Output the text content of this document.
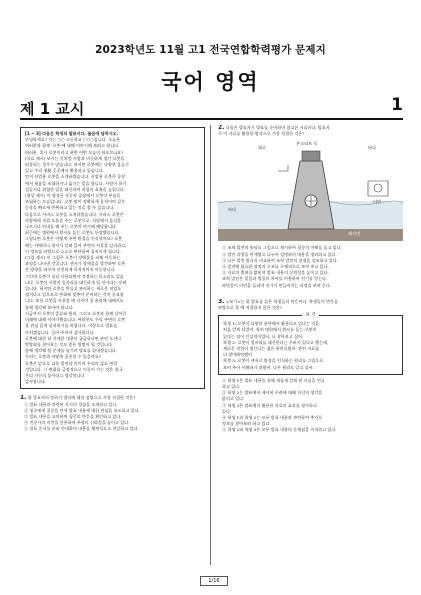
2023학년도 11월 고1 전국연합학력평가 문제지
국어 영역
제 1 교시	1
[1 ~ 3] 다음은 학생의 발표이다. 물음에 답하시오.
안녕하세요? 저는 ○○ 고등학교 ○○○입니다. 오늘은
여러분과 함께 '로봇'에 대해 이야기해 보려고 합니다.
여러분, 혹시 로봇이라고 하면 어떤 모습이 떠오르나요?
(자료 제시) 보시는 것처럼 사람과 비슷하게 생긴 로봇을
떠올리는 경우가 많습니다. 하지만 로봇에는 다양한 종류가
있고 우리 생활 곳곳에서 활용되고 있습니다.
먼저 산업용 로봇을 소개하겠습니다. 산업용 로봇은 공장
에서 제품을 조립하거나 옮기는 일을 합니다. 사람이 하기
힘들거나 위험한 일을 대신하여 작업의 효율을 높입니다.
(영상 제시) 이 영상은 자동차 공장에서 로봇이 부품을
조립하는 모습입니다. 로봇 팔이 정확하게 움직이며 같은
동작을 빠르게 반복하고 있는 것을 볼 수 있습니다.
다음으로 서비스 로봇을 소개하겠습니다. 서비스 로봇은
사람에게 직접 도움을 주는 로봇으로, 식당에서 음식을
나르거나 안내를 해 주는 로봇이 여기에 해당합니다.
최근에는 병원에서 환자를 돕는 로봇도 등장했습니다.
그렇다면 로봇은 어떻게 주변 환경을 인식할까요? 로봇
에는 카메라나 센서가 달려 있어 주변의 사물을 감지하고,
이 정보를 바탕으로 스스로 판단하여 움직이게 됩니다.
(그림 제시) 이 그림은 로봇이 장애물을 피해 이동하는
과정을 나타낸 것입니다. 센서가 장애물을 발견하면 로봇
은 방향을 바꾸어 안전하게 목적지까지 이동합니다.
그런데 로봇이 널리 사용되면서 걱정하는 목소리도 있습
니다. 로봇이 사람의 일자리를 대신하게 될 것이라는 우려
입니다. 하지만 로봇을 만들고 관리하는 새로운 직업도
생겨나고 있으므로 변화에 맞추어 준비하는 것이 중요합
니다. 또한 로봇을 사용할 때 지켜야 할 윤리에 대해서도
함께 생각해 보아야 합니다.
지금까지 로봇의 종류와 원리, 그리고 로봇과 함께 살아갈
미래에 대해 이야기했습니다. 여러분도 우리 주변의 로봇
을 관심 있게 살펴보기를 바랍니다. 이상으로 발표를
마치겠습니다. 들어 주셔서 감사합니다.
로봇에 대한 더 자세한 내용이 궁금하다면 관련 도서나
박람회를 찾아보는 것도 좋은 방법이 될 것입니다.
함께 생각해 볼 문제를 남기며 발표를 끝내겠습니다.
우리는 로봇과 어떻게 공존할 수 있을까요?
로봇은 앞으로 더욱 발전할 것이며 우리의 삶도 변할
것입니다. 그 변화를 긍정적으로 이끌어 가는 것은 결국
우리 자신의 몫이라고 생각합니다.
감사합니다.
1. 위 발표자의 말하기 방식에 대한 설명으로 가장 적절한 것은?
① 발표 내용과 관련된 자신의 경험을 소개하고 있다.
② 청중에게 질문을 던져 발표 내용에 대한 관심을 유도하고 있다.
③ 발표 내용을 요약하며 청중의 반응을 확인하고 있다.
④ 전문가의 의견을 인용하여 주장의 신뢰성을 높이고 있다.
⑤ 발표 순서를 미리 안내하며 내용을 체계적으로 전달하고 있다.
2. 다음은 발표자가 발표를 준비하며 참고한 자료이다. 발표자
가 이 자료를 활용한 방식으로 가장 적절한 것은?
회로
콘크리트 독
바다
바다
터빈
해저면
① 조력 발전의 원리를 그림으로 제시하여 청중의 이해를 돕고 있다.
② 발전 과정을 단계별로 나누어 설명하며 내용을 정리하고 있다.
③ 다른 발전 방식과 비교하여 조력 발전의 장점을 강조하고 있다.
④ 발전에 필요한 장치의 구조를 구체적으로 보여 주고 있다.
⑤ 자료의 출처를 밝히며 발표 내용의 신뢰성을 높이고 있다.
조력 발전은 밀물과 썰물의 차이를 이용하여 전기를 얻는다.
바닷물이 터빈을 돌리며 전기가 만들어지는 과정을 보여 준다.
3. <보기>는 위 발표를 들은 학생들의 반응이다. 학생들의 반응을
바탕으로 할 때 적절하지 않은 것은?
보 기
학생 1: 로봇이 다양한 분야에서 활용되고 있다는 것을
처음 알게 되었어. 특히 병원에서 환자를 돕는 로봇이
있다는 점이 인상적이었어. 더 찾아보고 싶어.
학생 2: 로봇이 일자리를 대신한다는 우려가 있다고 했는데,
새로운 직업이 생긴다는 점은 흥미로웠어. 관련 자료를
더 찾아봐야겠어.
학생 3: 로봇이 센서로 환경을 인식하는 원리를 그림으로
보여 주어 이해하기 쉬웠어. 다른 원리도 알고 싶어.
① 학생 1은 발표 내용을 통해 새롭게 알게 된 사실을 언급
하고 있다.
② 학생 2는 발표에서 제시된 우려에 대해 자신의 생각을
밝히고 있다.
③ 학생 3은 발표에서 활용한 자료의 효과를 평가하고
있다.
④ 학생 1과 학생 2는 모두 발표 내용과 관련하여 추가로
정보를 찾아보려 하고 있다.
⑤ 학생 2와 학생 3은 모두 발표 내용의 문제점을 지적하고 있다.
1/16
